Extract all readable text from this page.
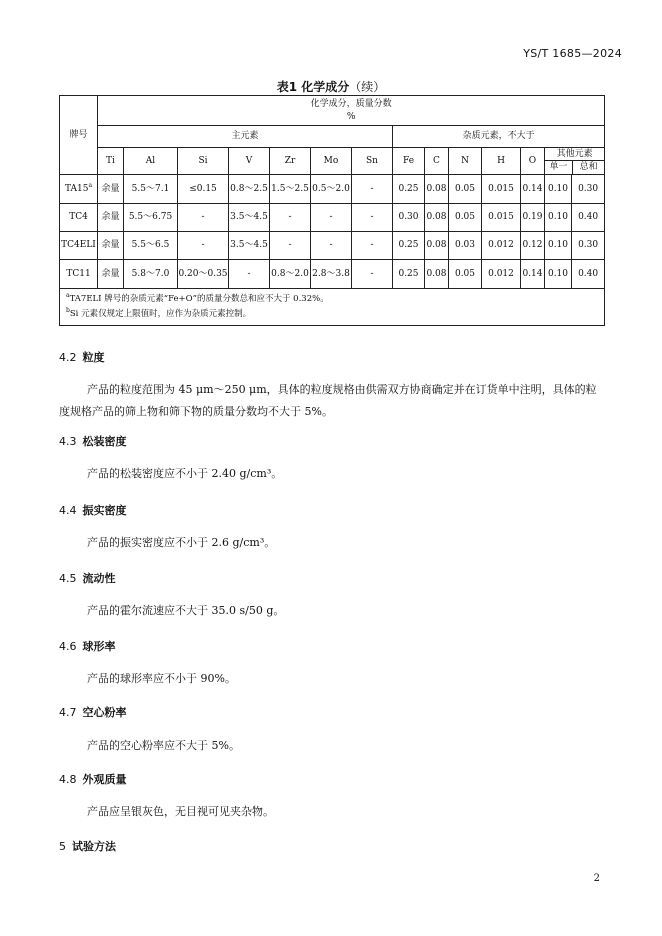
YS/T 1685—2024
表1 化学成分（续）
牌号	化学成分，质量分数
%													

	主元素							杂质元素，不大于						
	Ti	Al	Si	V	Zr	Mo	Sn	Fe	C	N	H	O	其他元素
单一 总和	

TA15$^a$	余量	5.5～7.1	≤0.15	0.8～2.5	1.5～2.5	0.5～2.0	-	0.25	0.08	0.05	0.015	0.14	0.10	0.30
TC4	余量	5.5～6.75	-	3.5～4.5	-	-	-	0.30	0.08	0.05	0.015	0.19	0.10	0.40
TC4ELI	余量	5.5～6.5	-	3.5～4.5	-	-	-	0.25	0.08	0.03	0.012	0.12	0.10	0.30
TC11	余量	5.8～7.0	0.20～0.35	-	0.8～2.0	2.8～3.8	-	0.25	0.08	0.05	0.012	0.14	0.10	0.40

$^a$TA7ELI 牌号的杂质元素“Fe+O”的质量分数总和应不大于 0.32%。
$^b$Si 元素仅规定上限值时，应作为杂质元素控制。														
4.2 粒度
产品的粒度范围为 45 μm～250 μm，具体的粒度规格由供需双方协商确定并在订货单中注明，具体的粒度规格产品的筛上物和筛下物的质量分数均不大于 5%。
4.3 松装密度
产品的松装密度应不小于 2.40 g/cm³。
4.4 振实密度
产品的振实密度应不小于 2.6 g/cm³。
4.5 流动性
产品的霍尔流速应不大于 35.0 s/50 g。
4.6 球形率
产品的球形率应不小于 90%。
4.7 空心粉率
产品的空心粉率应不大于 5%。
4.8 外观质量
产品应呈银灰色，无目视可见夹杂物。
5 试验方法
2
